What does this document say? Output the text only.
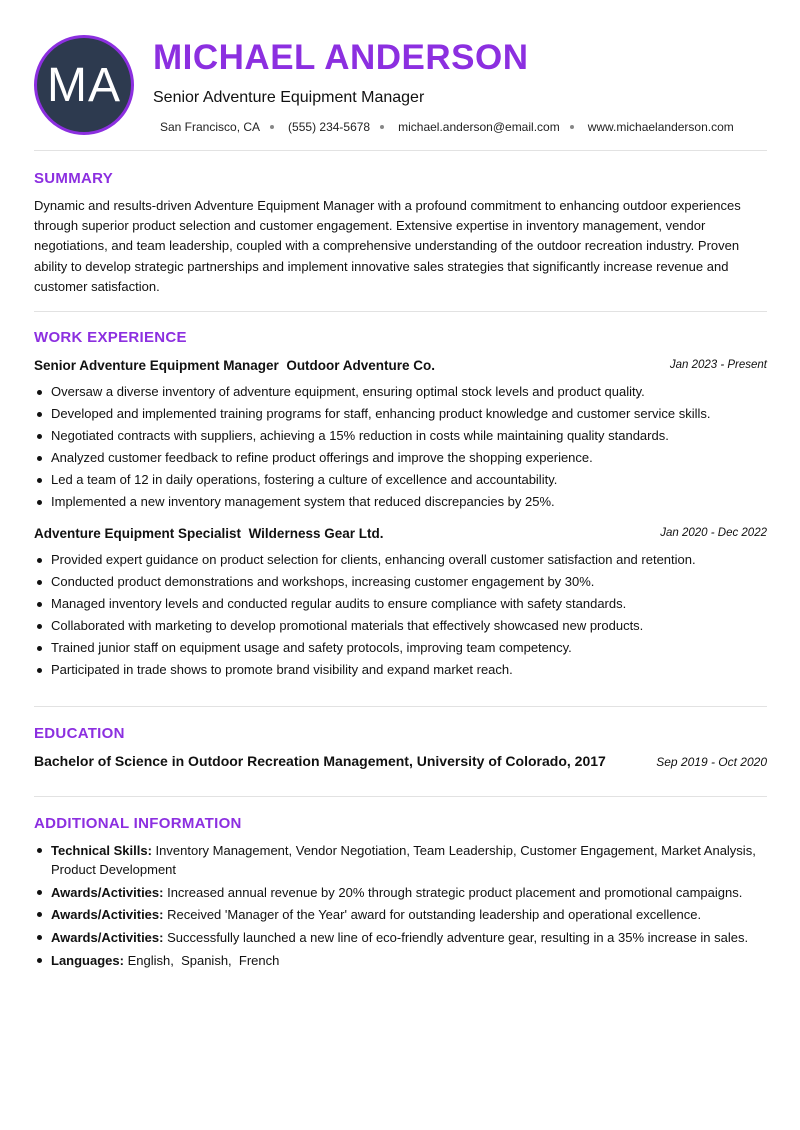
MA
MICHAEL ANDERSON
Senior Adventure Equipment Manager
San Francisco, CA (555) 234-5678 michael.anderson@email.com www.michaelanderson.com
SUMMARY
Dynamic and results-driven Adventure Equipment Manager with a profound commitment to enhancing outdoor experiences through superior product selection and customer engagement. Extensive expertise in inventory management, vendor negotiations, and team leadership, coupled with a comprehensive understanding of the outdoor recreation industry. Proven ability to develop strategic partnerships and implement innovative sales strategies that significantly increase revenue and customer satisfaction.
WORK EXPERIENCE
Senior Adventure Equipment Manager Outdoor Adventure Co.	Jan 2023 - Present
Oversaw a diverse inventory of adventure equipment, ensuring optimal stock levels and product quality.
Developed and implemented training programs for staff, enhancing product knowledge and customer service skills.
Negotiated contracts with suppliers, achieving a 15% reduction in costs while maintaining quality standards.
Analyzed customer feedback to refine product offerings and improve the shopping experience.
Led a team of 12 in daily operations, fostering a culture of excellence and accountability.
Implemented a new inventory management system that reduced discrepancies by 25%.
Adventure Equipment Specialist Wilderness Gear Ltd.	Jan 2020 - Dec 2022
Provided expert guidance on product selection for clients, enhancing overall customer satisfaction and retention.
Conducted product demonstrations and workshops, increasing customer engagement by 30%.
Managed inventory levels and conducted regular audits to ensure compliance with safety standards.
Collaborated with marketing to develop promotional materials that effectively showcased new products.
Trained junior staff on equipment usage and safety protocols, improving team competency.
Participated in trade shows to promote brand visibility and expand market reach.
EDUCATION
Bachelor of Science in Outdoor Recreation Management, University of Colorado, 2017	Sep 2019 - Oct 2020
ADDITIONAL INFORMATION
Technical Skills: Inventory Management, Vendor Negotiation, Team Leadership, Customer Engagement, Market Analysis, Product Development
Awards/Activities: Increased annual revenue by 20% through strategic product placement and promotional campaigns.
Awards/Activities: Received 'Manager of the Year' award for outstanding leadership and operational excellence.
Awards/Activities: Successfully launched a new line of eco-friendly adventure gear, resulting in a 35% increase in sales.
Languages: English,  Spanish,  French
